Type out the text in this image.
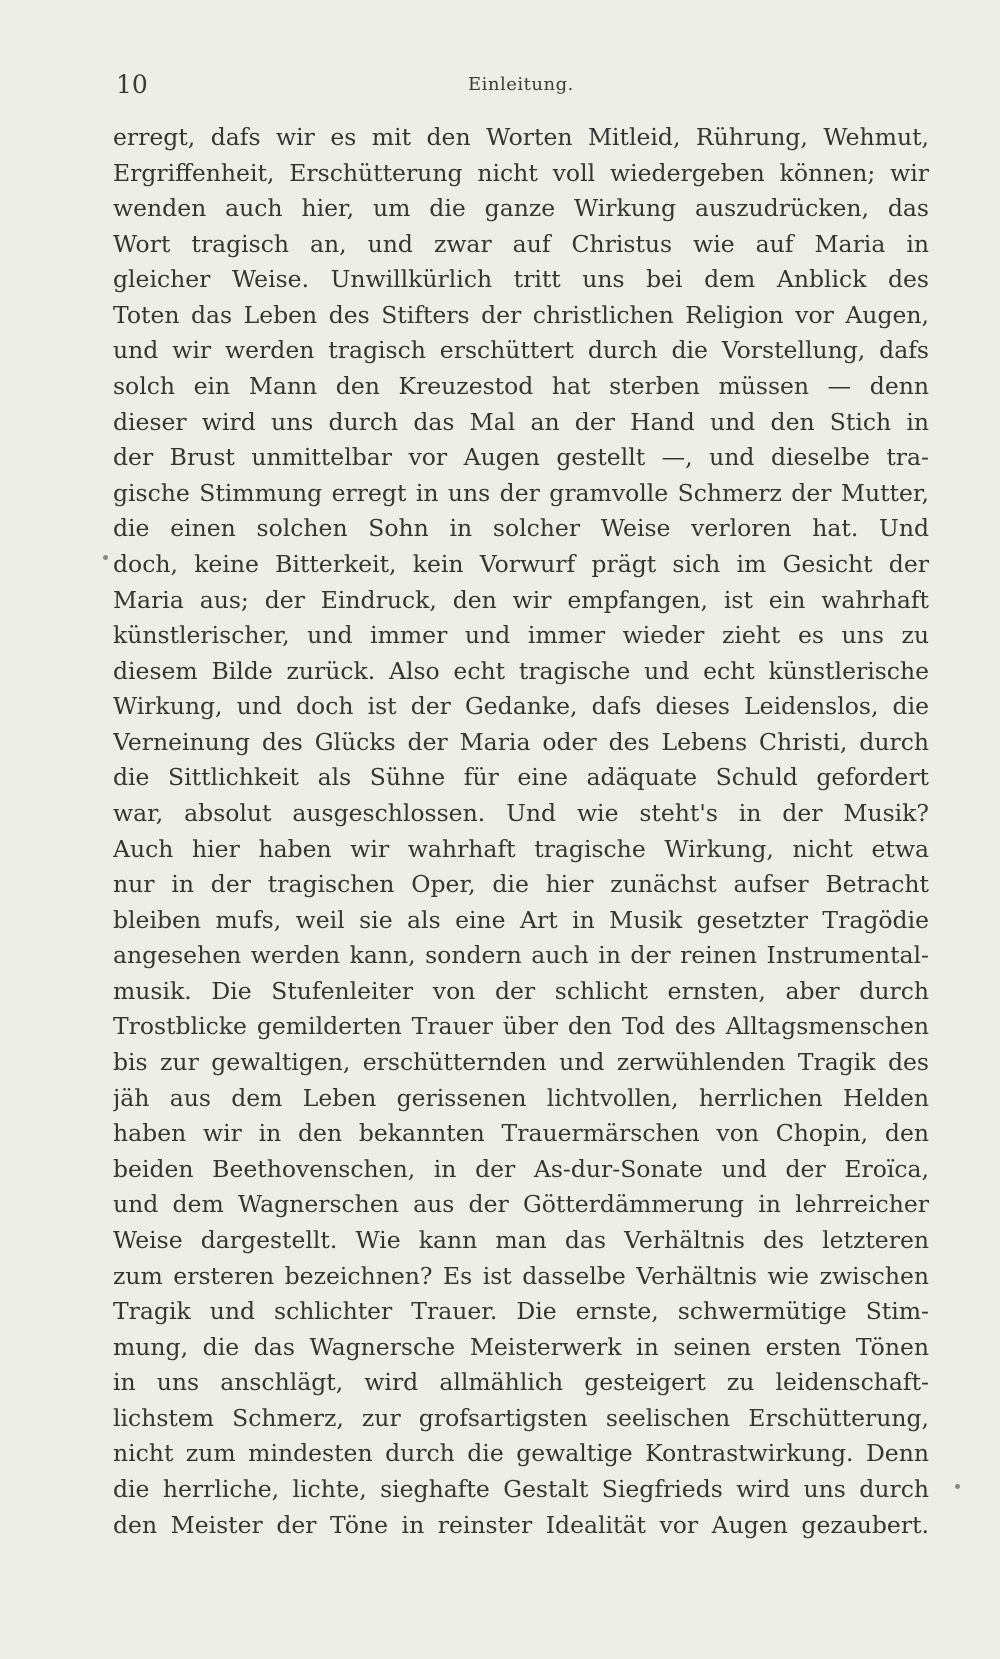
10	Einleitung.
erregt, dafs wir es mit den Worten Mitleid, Rührung, Wehmut,
Ergriffenheit, Erschütterung nicht voll wiedergeben können; wir
wenden auch hier, um die ganze Wirkung auszudrücken, das
Wort tragisch an, und zwar auf Christus wie auf Maria in
gleicher Weise. Unwillkürlich tritt uns bei dem Anblick des
Toten das Leben des Stifters der christlichen Religion vor Augen,
und wir werden tragisch erschüttert durch die Vorstellung, dafs
solch ein Mann den Kreuzestod hat sterben müssen — denn
dieser wird uns durch das Mal an der Hand und den Stich in
der Brust unmittelbar vor Augen gestellt —, und dieselbe tra-
gische Stimmung erregt in uns der gramvolle Schmerz der Mutter,
die einen solchen Sohn in solcher Weise verloren hat. Und
doch, keine Bitterkeit, kein Vorwurf prägt sich im Gesicht der
Maria aus; der Eindruck, den wir empfangen, ist ein wahrhaft
künstlerischer, und immer und immer wieder zieht es uns zu
diesem Bilde zurück. Also echt tragische und echt künstlerische
Wirkung, und doch ist der Gedanke, dafs dieses Leidenslos, die
Verneinung des Glücks der Maria oder des Lebens Christi, durch
die Sittlichkeit als Sühne für eine adäquate Schuld gefordert
war, absolut ausgeschlossen. Und wie steht's in der Musik?
Auch hier haben wir wahrhaft tragische Wirkung, nicht etwa
nur in der tragischen Oper, die hier zunächst aufser Betracht
bleiben mufs, weil sie als eine Art in Musik gesetzter Tragödie
angesehen werden kann, sondern auch in der reinen Instrumental-
musik. Die Stufenleiter von der schlicht ernsten, aber durch
Trostblicke gemilderten Trauer über den Tod des Alltagsmenschen
bis zur gewaltigen, erschütternden und zerwühlenden Tragik des
jäh aus dem Leben gerissenen lichtvollen, herrlichen Helden
haben wir in den bekannten Trauermärschen von Chopin, den
beiden Beethovenschen, in der As-dur-Sonate und der Eroïca,
und dem Wagnerschen aus der Götterdämmerung in lehrreicher
Weise dargestellt. Wie kann man das Verhältnis des letzteren
zum ersteren bezeichnen? Es ist dasselbe Verhältnis wie zwischen
Tragik und schlichter Trauer. Die ernste, schwermütige Stim-
mung, die das Wagnersche Meisterwerk in seinen ersten Tönen
in uns anschlägt, wird allmählich gesteigert zu leidenschaft-
lichstem Schmerz, zur grofsartigsten seelischen Erschütterung,
nicht zum mindesten durch die gewaltige Kontrastwirkung. Denn
die herrliche, lichte, sieghafte Gestalt Siegfrieds wird uns durch
den Meister der Töne in reinster Idealität vor Augen gezaubert.
